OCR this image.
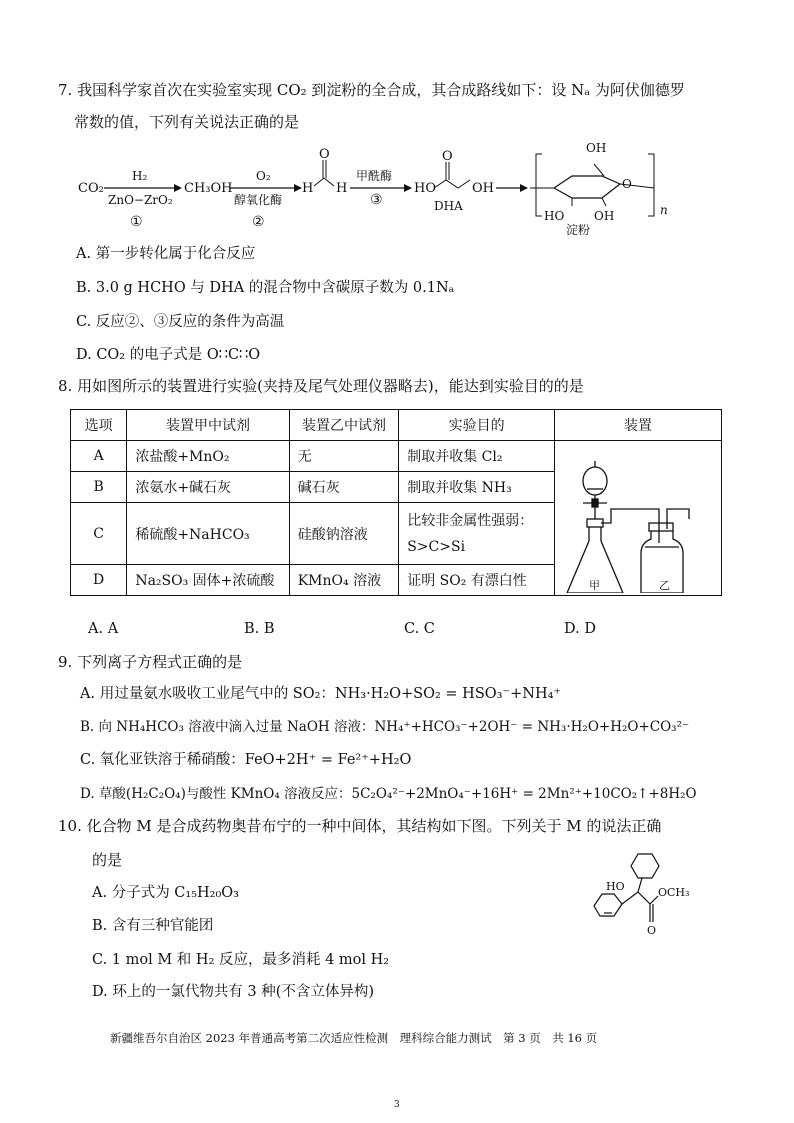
7. 我国科学家首次在实验室实现 CO₂ 到淀粉的全合成，其合成路线如下：设 Nₐ 为阿伏伽德罗
常数的值，下列有关说法正确的是
CO₂
H₂
ZnO−ZrO₂
①
CH₃OH
O₂
醇氧化酶
②
H
O
H
甲酰酶
③
HO
O
OH
DHA
OH
HO OH
O
n
淀粉
A. 第一步转化属于化合反应
B. 3.0 g HCHO 与 DHA 的混合物中含碳原子数为 0.1Nₐ
C. 反应②、③反应的条件为高温
D. CO₂ 的电子式是 O∷C∷O
8. 用如图所示的装置进行实验(夹持及尾气处理仪器略去)，能达到实验目的的是
选项	装置甲中试剂	装置乙中试剂	实验目的	装置
A	浓盐酸+MnO₂	无	制取并收集 Cl₂	甲 乙

B	浓氨水+碱石灰	碱石灰	制取并收集 NH₃	
C	稀硫酸+NaHCO₃	硅酸钠溶液	比较非金属性强弱：
S>C>Si	

D	Na₂SO₃ 固体+浓硫酸	KMnO₄ 溶液	证明 SO₂ 有漂白性	
A. A	B. B	C. C	D. D
9. 下列离子方程式正确的是
A. 用过量氨水吸收工业尾气中的 SO₂：NH₃·H₂O+SO₂ = HSO₃⁻+NH₄⁺
B. 向 NH₄HCO₃ 溶液中滴入过量 NaOH 溶液：NH₄⁺+HCO₃⁻+2OH⁻ = NH₃·H₂O+H₂O+CO₃²⁻
C. 氧化亚铁溶于稀硝酸：FeO+2H⁺ = Fe²⁺+H₂O
D. 草酸(H₂C₂O₄)与酸性 KMnO₄ 溶液反应：5C₂O₄²⁻+2MnO₄⁻+16H⁺ = 2Mn²⁺+10CO₂↑+8H₂O
10. 化合物 M 是合成药物奥昔布宁的一种中间体，其结构如下图。下列关于 M 的说法正确
的是
A. 分子式为 C₁₅H₂₀O₃
B. 含有三种官能团
C. 1 mol M 和 H₂ 反应，最多消耗 4 mol H₂
D. 环上的一氯代物共有 3 种(不含立体异构)
HO	OCH₃
O
新疆维吾尔自治区 2023 年普通高考第二次适应性检测　理科综合能力测试　第 3 页　共 16 页
3
